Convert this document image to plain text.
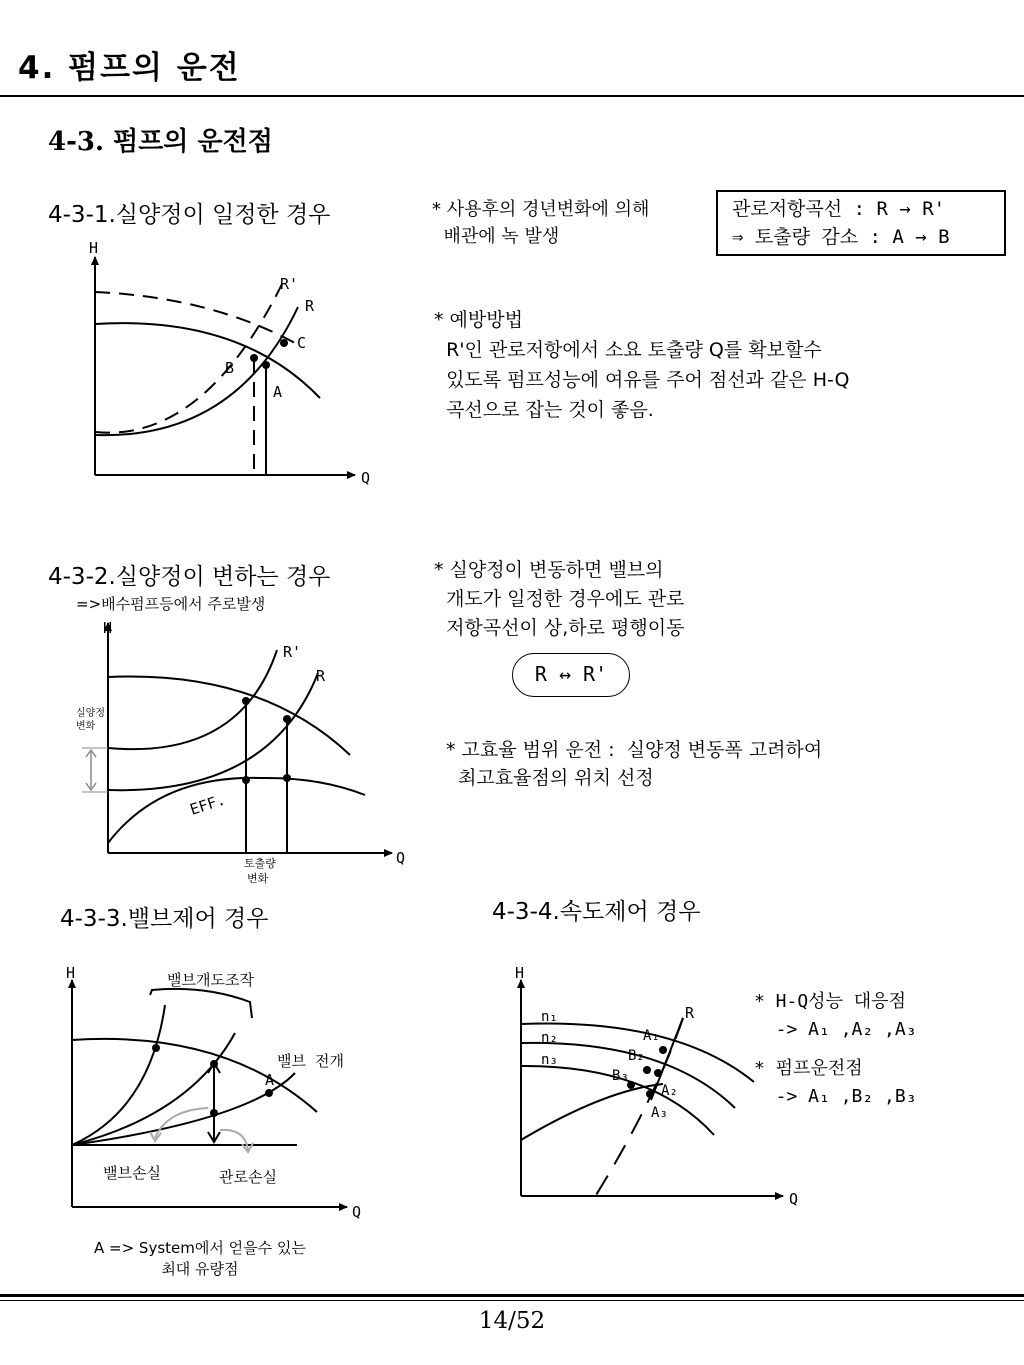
4. 펌프의 운전
4-3. 펌프의 운전점
4-3-1.실양정이 일정한 경우	* 사용후의 경년변화에 의해
배관에 녹 발생
관로저항곡선 : R → R'
⇒ 토출량 감소 : A → B
* 예방방법
R'인 관로저항에서 소요 토출량 Q를 확보할수
있도록 펌프성능에 여유를 주어 점선과 같은 H-Q
곡선으로 잡는 것이 좋음.
H
Q
R'
R
C
B
A
4-3-2.실양정이 변하는 경우
=>배수펌프등에서 주로발생
* 실양정이 변동하면 밸브의
개도가 일정한 경우에도 관로
저항곡선이 상,하로 평행이동
R ↔ R'
* 고효율 범위 운전 :  실양정 변동폭 고려하여
최고효율점의 위치 선정
H
Q
R'
R
EFF.
실양정
변화
토출량
변화
4-3-3.밸브제어 경우
H
Q
밸브개도조작
밸브 전개
A
밸브손실	관로손실
A => System에서 얻을수 있는
최대 유량점
4-3-4.속도제어 경우
H
Q
R
n₁
n₂
n₃
A₁
B₂
B₃
A₂
A₃
* H-Q성능 대응점
-> A₁ ,A₂ ,A₃
* 펌프운전점
-> A₁ ,B₂ ,B₃
14/52
